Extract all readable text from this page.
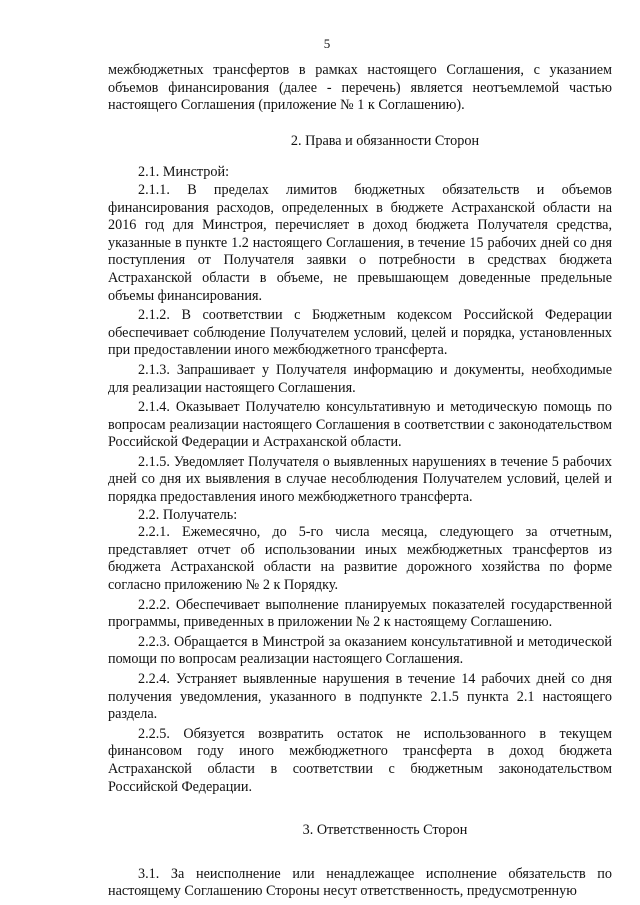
5

межбюджетных трансфертов в рамках настоящего Соглашения, с указанием объемов финансирования (далее - перечень) является неотъемлемой частью настоящего Соглашения (приложение № 1 к Соглашению).

2. Права и обязанности Сторон

2.1. Минстрой:

2.1.1. В пределах лимитов бюджетных обязательств и объемов финансирования расходов, определенных в бюджете Астраханской области на 2016 год для Минстроя, перечисляет в доход бюджета Получателя средства, указанные в пункте 1.2 настоящего Соглашения, в течение 15 рабочих дней со дня поступления от Получателя заявки о потребности в средствах бюджета Астраханской области в объеме, не превышающем доведенные предельные объемы финансирования.

2.1.2. В соответствии с Бюджетным кодексом Российской Федерации обеспечивает соблюдение Получателем условий, целей и порядка, установленных при предоставлении иного межбюджетного трансферта.

2.1.3. Запрашивает у Получателя информацию и документы, необходимые для реализации настоящего Соглашения.

2.1.4. Оказывает Получателю консультативную и методическую помощь по вопросам реализации настоящего Соглашения в соответствии с законодательством Российской Федерации и Астраханской области.

2.1.5. Уведомляет Получателя о выявленных нарушениях в течение 5 рабочих дней со дня их выявления в случае несоблюдения Получателем условий, целей и порядка предоставления иного межбюджетного трансферта.

2.2. Получатель:

2.2.1. Ежемесячно, до 5-го числа месяца, следующего за отчетным, представляет отчет об использовании иных межбюджетных трансфертов из бюджета Астраханской области на развитие дорожного хозяйства по форме согласно приложению № 2 к Порядку.

2.2.2. Обеспечивает выполнение планируемых показателей государственной программы, приведенных в приложении № 2 к настоящему Соглашению.

2.2.3. Обращается в Минстрой за оказанием консультативной и методической помощи по вопросам реализации настоящего Соглашения.

2.2.4. Устраняет выявленные нарушения в течение 14 рабочих дней со дня получения уведомления, указанного в подпункте 2.1.5 пункта 2.1 настоящего раздела.

2.2.5. Обязуется возвратить остаток не использованного в текущем финансовом году иного межбюджетного трансферта в доход бюджета Астраханской области в соответствии с бюджетным законодательством Российской Федерации.

3. Ответственность Сторон

3.1. За неисполнение или ненадлежащее исполнение обязательств по настоящему Соглашению Стороны несут ответственность, предусмотренную
